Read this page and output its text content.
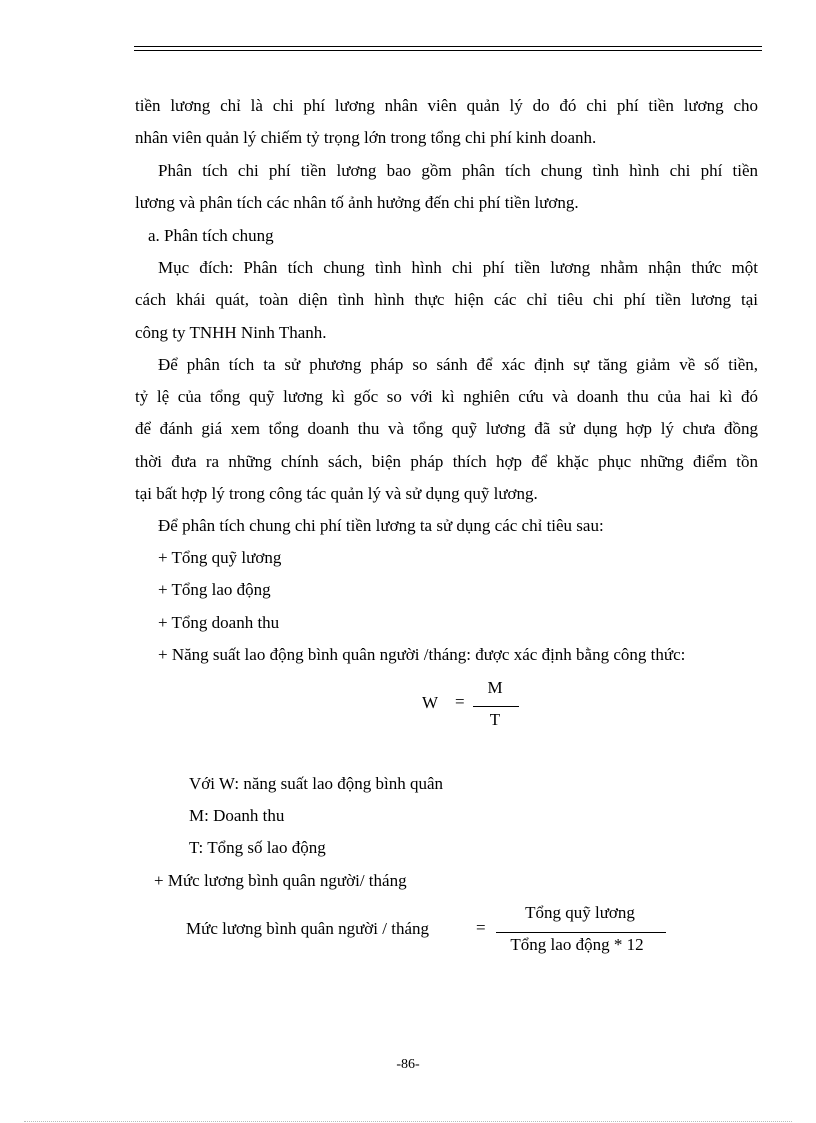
tiền lương chỉ là chi phí lương nhân viên quản lý do đó chi phí tiền lương cho
nhân viên quản lý chiếm tỷ trọng lớn trong tổng chi phí kinh doanh.
Phân tích chi phí tiền lương bao gồm phân tích chung tình hình chi phí tiền
lương và phân tích các nhân tố ảnh hưởng đến chi phí tiền lương.
a. Phân tích chung
Mục đích: Phân tích chung tình hình chi phí tiền lương nhằm nhận thức một
cách khái quát, toàn diện tình hình thực hiện các chỉ tiêu chi phí tiền lương tại
công ty TNHH Ninh Thanh.
Để phân tích ta sử phương pháp so sánh để xác định sự tăng giảm về số tiền,
tỷ lệ của tổng quỹ lương kì gốc so với kì nghiên cứu và doanh thu của hai kì đó
để đánh giá xem tổng doanh thu và tổng quỹ lương đã sử dụng hợp lý chưa đồng
thời đưa ra những chính sách, biện pháp thích hợp để khặc phục những điểm tồn
tại bất hợp lý trong công tác quản lý và sử dụng quỹ lương.
Để phân tích chung chi phí tiền lương ta sử dụng các chỉ tiêu sau:
+ Tổng quỹ lương
+ Tổng lao động
+ Tổng doanh thu
+ Năng suất lao động bình quân người /tháng: được xác định bằng công thức:
W =
M
T
Với W: năng suất lao động bình quân
M: Doanh thu
T: Tổng số lao động
+ Mức lương bình quân người/ tháng
Mức lương bình quân người / tháng	=
Tổng quỹ lương
Tổng lao động * 12
-86-
